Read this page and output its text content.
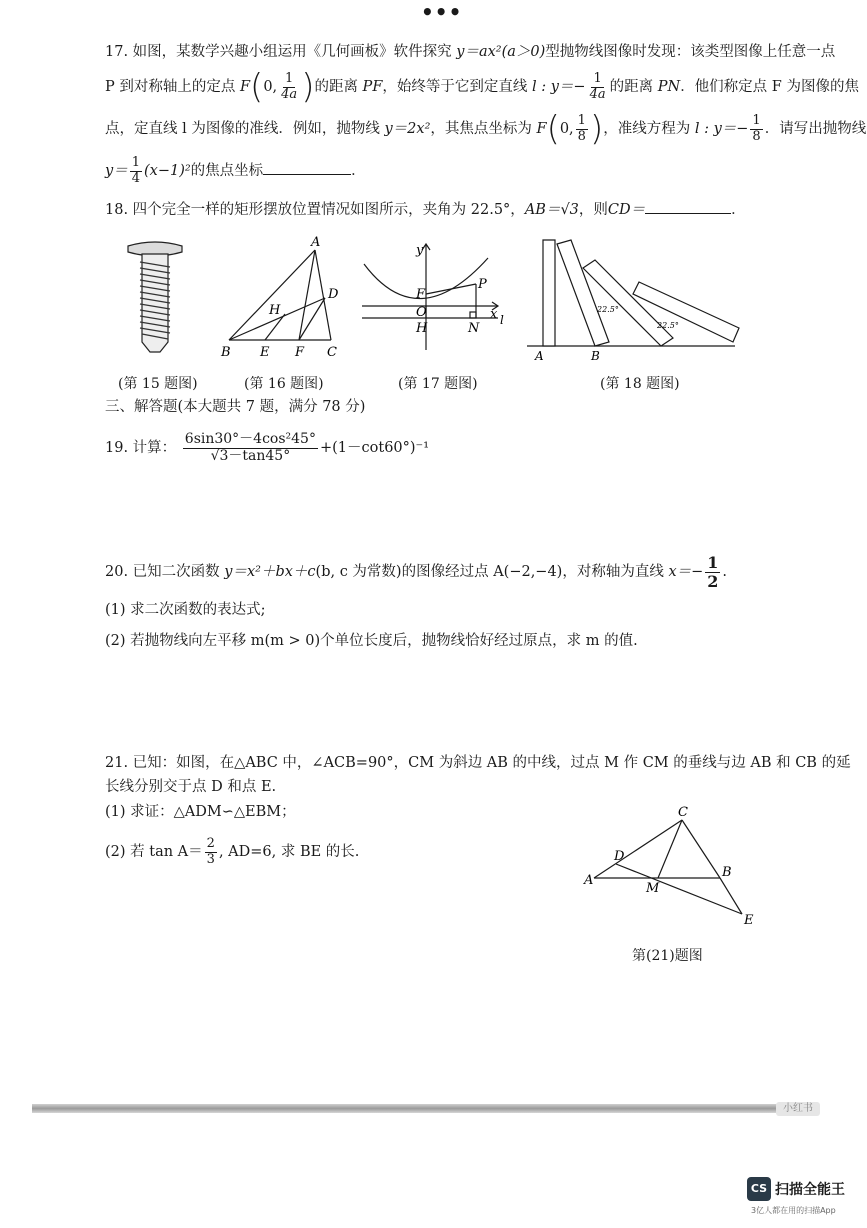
•••
17. 如图，某数学兴趣小组运用《几何画板》软件探究 y＝ax²(a＞0)型抛物线图像时发现：该类型图像上任意一点
P 到对称轴上的定点 F(0, $\frac{1}{4a}$ )的距离 PF，始终等于它到定直线 l : $y=- \frac{1}{4a}$ 的距离 PN．他们称定点 F 为图像的焦
点，定直线 l 为图像的准线．例如，抛物线 y＝2x²，其焦点坐标为 F(0, $\frac{1}{8}$ )，准线方程为 l : $y=- \frac{1}{8}$ ．请写出抛物线
$y= \frac{1}{4} (x-1)^2$的焦点坐标	．
18. 四个完全一样的矩形摆放位置情况如图所示，夹角为 22.5°，AB＝√3，则CD＝	．
A
B	C
D
E F
H
y
x
F
O
P
H	N
l
A	B
22.5°
22.5°
(第 15 题图)	(第 16 题图)	(第 17 题图)	(第 18 题图)
三、解答题(本大题共 7 题，满分 78 分)
19. 计算： $\frac{\text{6sin30°－4cos²45°}}{√3-\tan 45^\circ} +(1-\cot 60^\circ)^{-1}$
20. 已知二次函数 y＝x²＋bx＋c(b, c 为常数)的图像经过点 A(−2,−4)，对称轴为直线 $x=- \frac{1}{2}$ .
(1) 求二次函数的表达式;
(2) 若抛物线向左平移 m(m > 0)个单位长度后，抛物线恰好经过原点，求 m 的值.
21. 已知：如图，在△ABC 中，∠ACB=90°，CM 为斜边 AB 的中线，过点 M 作 CM 的垂线与边 AB 和 CB 的延
长线分别交于点 D 和点 E.
(1) 求证：△ADM∽△EBM；
(2) 若 $\tan A= \frac{2}{3}$ , AD=6, 求 BE 的长.
A
B
C
D
E
M
第(21)题图
小红书
CS 扫描全能王
3亿人都在用的扫描App
